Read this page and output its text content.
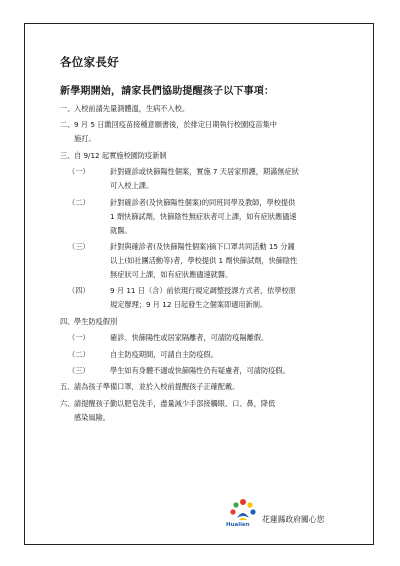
各位家長好
新學期開始，請家長們協助提醒孩子以下事項：
一、 入校前請先量測體溫，生病不入校。
二、 9 月 5 日繳回疫苗接種意願書後，於排定日期執行校園疫苗集中
施打。
三、 自 9/12 起實施校園防疫新制
（一）	針對確診或快篩陽性個案，實施 7 天居家照護，期滿無症狀
可入校上課。
（二）	針對確診者(及快篩陽性個案)的同班同學及教師，學校提供
1 劑快篩試劑，快篩陰性無症狀者可上課，如有症狀應儘速
就醫。
（三）	針對與確診者(及快篩陽性個案)摘下口罩共同活動 15 分鐘
以上(如社團活動等)者，學校提供 1 劑快篩試劑，快篩陰性
無症狀可上課，如有症狀應儘速就醫。
（四）	9 月 11 日（含）前依現行規定調整授課方式者，依學校原
規定辦理；9 月 12 日起發生之個案即適用新制。
四、 學生防疫假別
（一）	確診、快篩陽性或居家隔離者，可請防疫隔離假。
（二）	自主防疫期間，可請自主防疫假。
（三）	學生如有身體不適或快篩陽性仍有疑慮者，可請防疫假。
五、 請為孩子準備口罩，並於入校前提醒孩子正確配戴。
六、 請提醒孩子勤以肥皂洗手，盡量減少手部接觸眼、口、鼻，降低
感染風險。
Hualien
花蓮縣政府關心您
